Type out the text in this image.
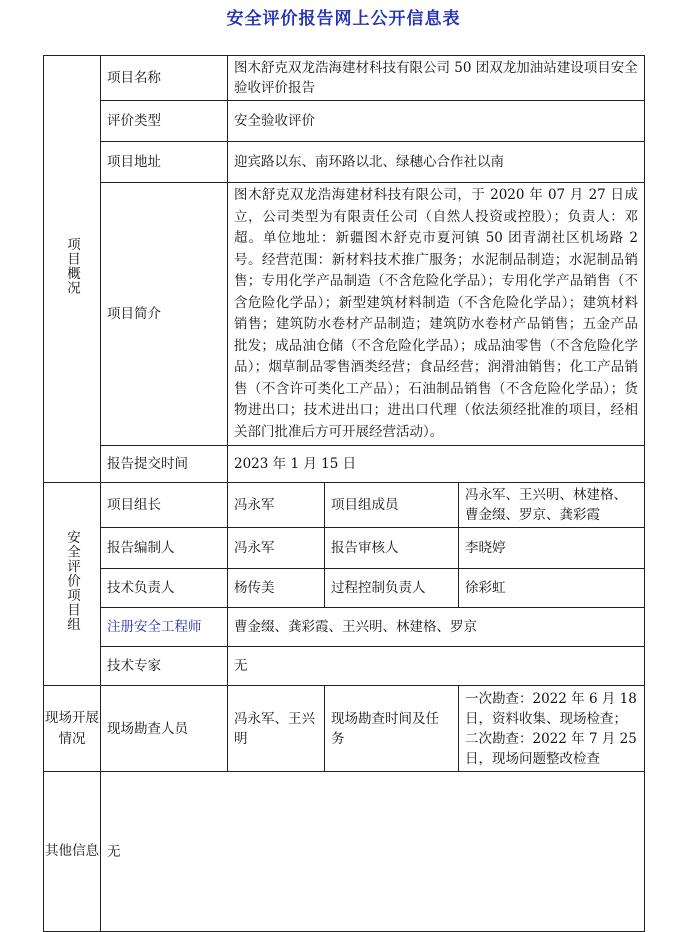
安全评价报告网上公开信息表
项目概况	项目名称	图木舒克双龙浩海建材科技有限公司 50 团双龙加油站建设项目安全验收评价报告		
	评价类型	安全验收评价		
	项目地址	迎宾路以东、南环路以北、绿穗心合作社以南		
	项目简介	图木舒克双龙浩海建材科技有限公司，于 2020 年 07 月 27 日成立，公司类型为有限责任公司（自然人投资或控股）；负责人：邓超。单位地址：新疆图木舒克市夏河镇 50 团青湖社区机场路 2 号。经营范围：新材料技术推广服务；水泥制品制造；水泥制品销售；专用化学产品制造（不含危险化学品）；专用化学产品销售（不含危险化学品）；新型建筑材料制造（不含危险化学品）；建筑材料销售；建筑防水卷材产品制造；建筑防水卷材产品销售；五金产品批发；成品油仓储（不含危险化学品）；成品油零售（不含危险化学品）；烟草制品零售酒类经营；食品经营；润滑油销售；化工产品销售（不含许可类化工产品）；石油制品销售（不含危险化学品）；货物进出口；技术进出口；进出口代理（依法须经批准的项目，经相关部门批准后方可开展经营活动）。		
	报告提交时间	2023 年 1 月 15 日		
安全评价项目组	项目组长	冯永军	项目组成员	冯永军、王兴明、林建格、曹金缀、罗京、龚彩霞
	报告编制人	冯永军	报告审核人	李晓婷
	技术负责人	杨传美	过程控制负责人	徐彩虹
	注册安全工程师	曹金缀、龚彩霞、王兴明、林建格、罗京		
	技术专家	无		
现场开展情况	现场勘查人员	冯永军、王兴明	现场勘查时间及任务	一次勘查：2022 年 6 月 18 日，资料收集、现场检查；
二次勘查：2022 年 7 月 25 日，现场问题整改检查

其他信息	无			
